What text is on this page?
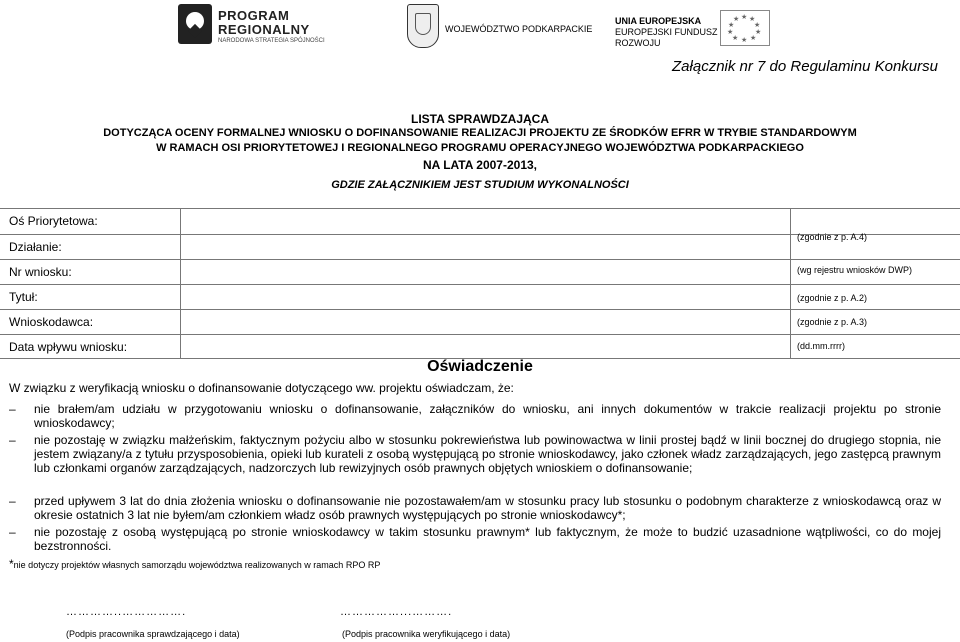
PROGRAM
REGIONALNY
NARODOWA STRATEGIA SPÓJNOŚCI
WOJEWÓDZTWO PODKARPACKIE
UNIA EUROPEJSKA
EUROPEJSKI FUNDUSZ
ROZWOJU
★ ★
★
★
★
★
★
★
★
★
Załącznik nr 7 do Regulaminu Konkursu
LISTA SPRAWDZAJĄCA
DOTYCZĄCA OCENY FORMALNEJ WNIOSKU O DOFINANSOWANIE REALIZACJI PROJEKTU ZE ŚRODKÓW EFRR W TRYBIE STANDARDOWYM
W RAMACH OSI PRIORYTETOWEJ I REGIONALNEGO PROGRAMU OPERACYJNEGO WOJEWÓDZTWA PODKARPACKIEGO
NA LATA 2007-2013,
GDZIE ZAŁĄCZNIKIEM JEST STUDIUM WYKONALNOŚCI
Oś Priorytetowa:
Działanie:
Nr wniosku:
Tytuł:
Wnioskodawca:
Data wpływu wniosku:
(zgodnie z p. A.4)
(wg rejestru wniosków DWP)
(zgodnie z p. A.2)
(zgodnie z p. A.3)
(dd.mm.rrrr)
Oświadczenie
W związku z weryfikacją wniosku o dofinansowanie dotyczącego ww. projektu oświadczam, że:
– nie brałem/am udziału w przygotowaniu wniosku o dofinansowanie, załączników do wniosku, ani innych dokumentów w trakcie realizacji projektu po stronie wnioskodawcy;
– nie pozostaję w związku małżeńskim, faktycznym pożyciu albo w stosunku pokrewieństwa lub powinowactwa w linii prostej bądź w linii bocznej do drugiego stopnia, nie jestem związany/a z tytułu przysposobienia, opieki lub kurateli z osobą występującą po stronie wnioskodawcy, jako członek władz zarządzających, jego zastępcą prawnym lub członkami organów zarządzających, nadzorczych lub rewizyjnych osób prawnych objętych wnioskiem o dofinansowanie;
– przed upływem 3 lat do dnia złożenia wniosku o dofinansowanie nie pozostawałem/am w stosunku pracy lub stosunku o podobnym charakterze z wnioskodawcą oraz w okresie ostatnich 3 lat nie byłem/am członkiem władz osób prawnych występujących po stronie wnioskodawcy*;
– nie pozostaję z osobą występującą po stronie wnioskodawcy w takim stosunku prawnym* lub faktycznym, że może to budzić uzasadnione wątpliwości, co do mojej bezstronności.
*nie dotyczy projektów własnych samorządu województwa realizowanych w ramach RPO RP
…………..…………….	……………...……….
(Podpis pracownika sprawdzającego i data)	(Podpis pracownika weryfikującego i data)
